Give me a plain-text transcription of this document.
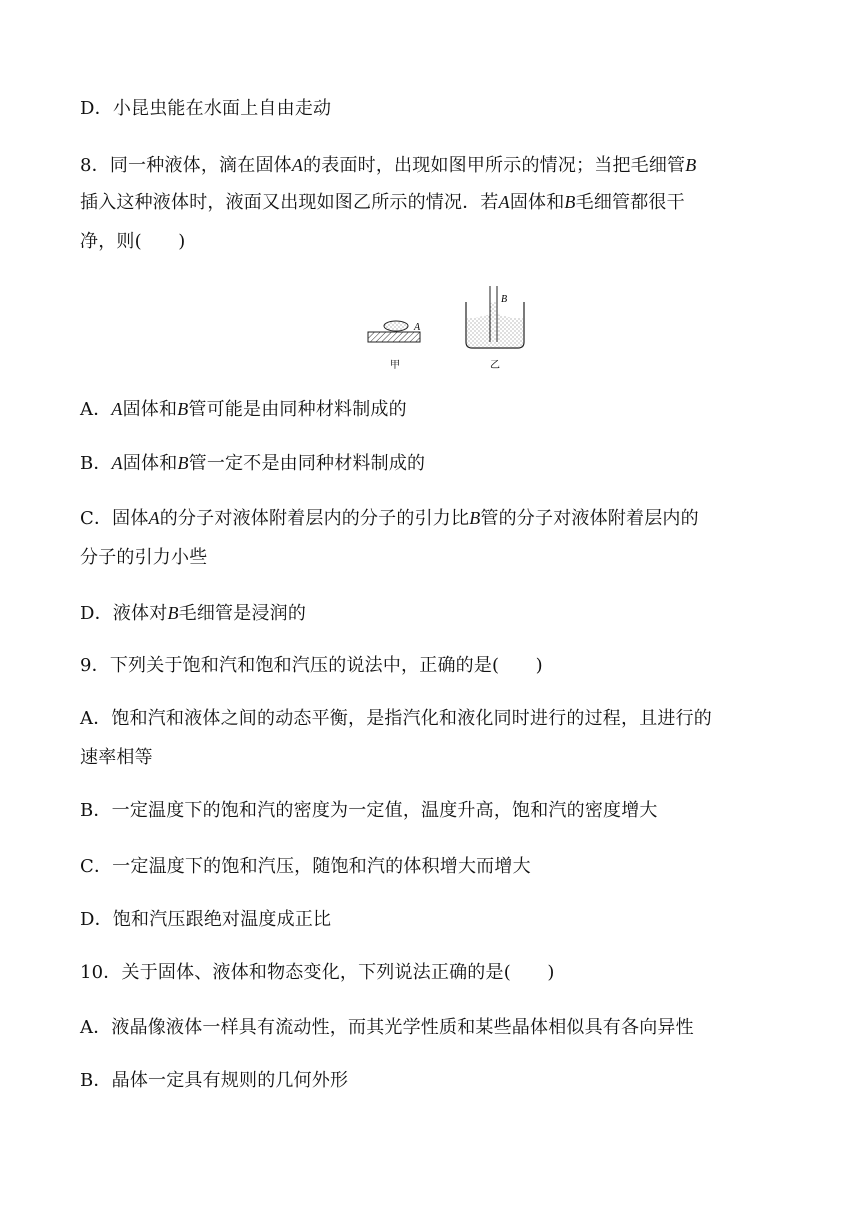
D．小昆虫能在水面上自由走动
8．同一种液体，滴在固体A的表面时，出现如图甲所示的情况；当把毛细管B
插入这种液体时，液面又出现如图乙所示的情况．若A固体和B毛细管都很干
净，则(　　)
A
甲
B
乙
A．A固体和B管可能是由同种材料制成的
B．A固体和B管一定不是由同种材料制成的
C．固体A的分子对液体附着层内的分子的引力比B管的分子对液体附着层内的
分子的引力小些
D．液体对B毛细管是浸润的
9．下列关于饱和汽和饱和汽压的说法中，正确的是(　　)
A．饱和汽和液体之间的动态平衡，是指汽化和液化同时进行的过程，且进行的
速率相等
B．一定温度下的饱和汽的密度为一定值，温度升高，饱和汽的密度增大
C．一定温度下的饱和汽压，随饱和汽的体积增大而增大
D．饱和汽压跟绝对温度成正比
10．关于固体、液体和物态变化，下列说法正确的是(　　)
A．液晶像液体一样具有流动性，而其光学性质和某些晶体相似具有各向异性
B．晶体一定具有规则的几何外形
